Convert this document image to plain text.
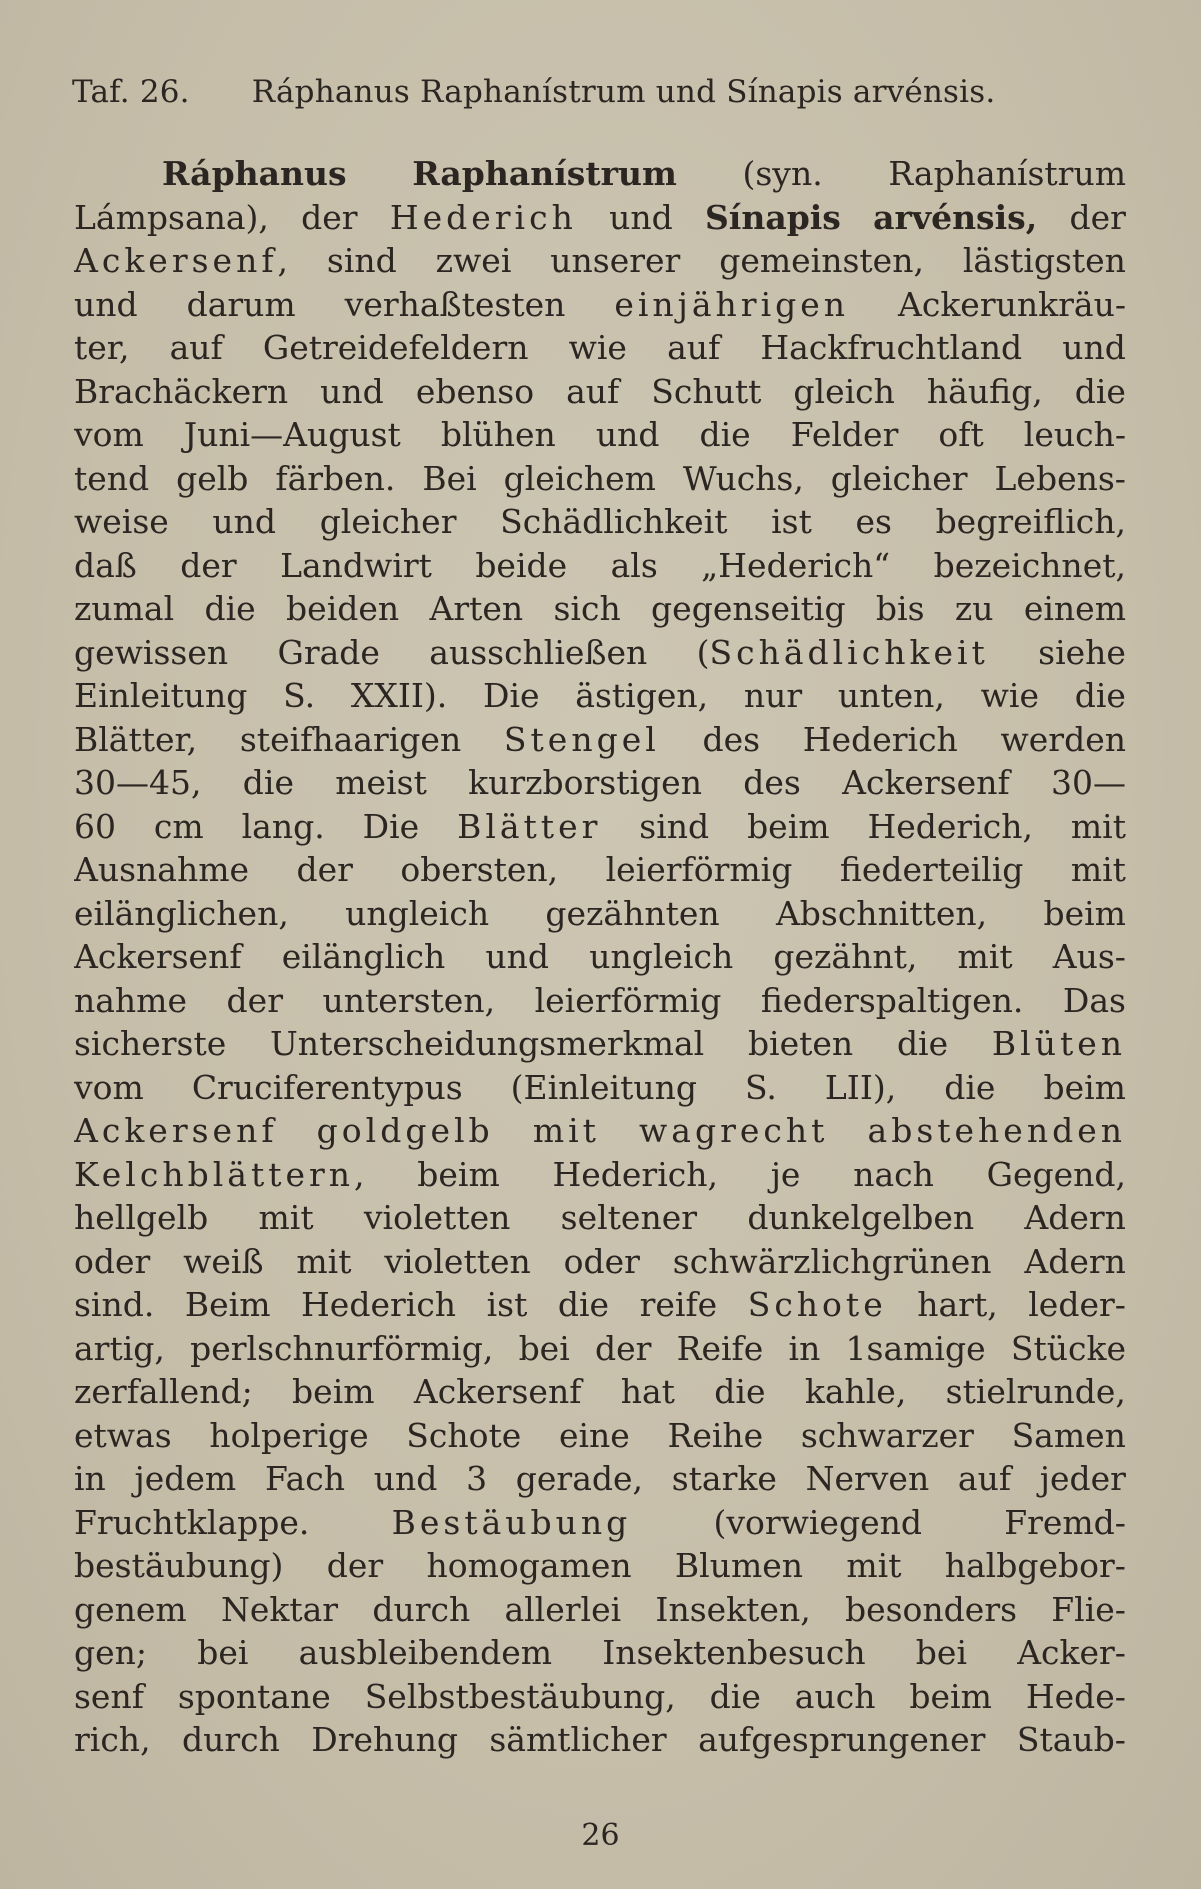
Taf. 26. Ráphanus Raphanístrum und Sínapis arvénsis.
Ráphanus Raphanístrum (syn. Raphanístrum
Lámpsana), der Hederich und Sínapis arvénsis, der
Ackersenf, sind zwei unserer gemeinsten, lästigsten
und darum verhaßtesten einjährigen Ackerunkräu-
ter, auf Getreidefeldern wie auf Hackfruchtland und
Brachäckern und ebenso auf Schutt gleich häufig, die
vom Juni—August blühen und die Felder oft leuch-
tend gelb färben. Bei gleichem Wuchs, gleicher Lebens-
weise und gleicher Schädlichkeit ist es begreiflich,
daß der Landwirt beide als „Hederich“ bezeichnet,
zumal die beiden Arten sich gegenseitig bis zu einem
gewissen Grade ausschließen (Schädlichkeit siehe
Einleitung S. XXII). Die ästigen, nur unten, wie die
Blätter, steifhaarigen Stengel des Hederich werden
30—45, die meist kurzborstigen des Ackersenf 30—
60 cm lang. Die Blätter sind beim Hederich, mit
Ausnahme der obersten, leierförmig fiederteilig mit
eilänglichen, ungleich gezähnten Abschnitten, beim
Ackersenf eilänglich und ungleich gezähnt, mit Aus-
nahme der untersten, leierförmig fiederspaltigen. Das
sicherste Unterscheidungsmerkmal bieten die Blüten
vom Cruciferentypus (Einleitung S. LII), die beim
Ackersenf goldgelb mit wagrecht abstehenden
Kelchblättern, beim Hederich, je nach Gegend,
hellgelb mit violetten seltener dunkelgelben Adern
oder weiß mit violetten oder schwärzlichgrünen Adern
sind. Beim Hederich ist die reife Schote hart, leder-
artig, perlschnurförmig, bei der Reife in 1samige Stücke
zerfallend; beim Ackersenf hat die kahle, stielrunde,
etwas holperige Schote eine Reihe schwarzer Samen
in jedem Fach und 3 gerade, starke Nerven auf jeder
Fruchtklappe. Bestäubung (vorwiegend Fremd-
bestäubung) der homogamen Blumen mit halbgebor-
genem Nektar durch allerlei Insekten, besonders Flie-
gen; bei ausbleibendem Insektenbesuch bei Acker-
senf spontane Selbstbestäubung, die auch beim Hede-
rich, durch Drehung sämtlicher aufgesprungener Staub-
26
